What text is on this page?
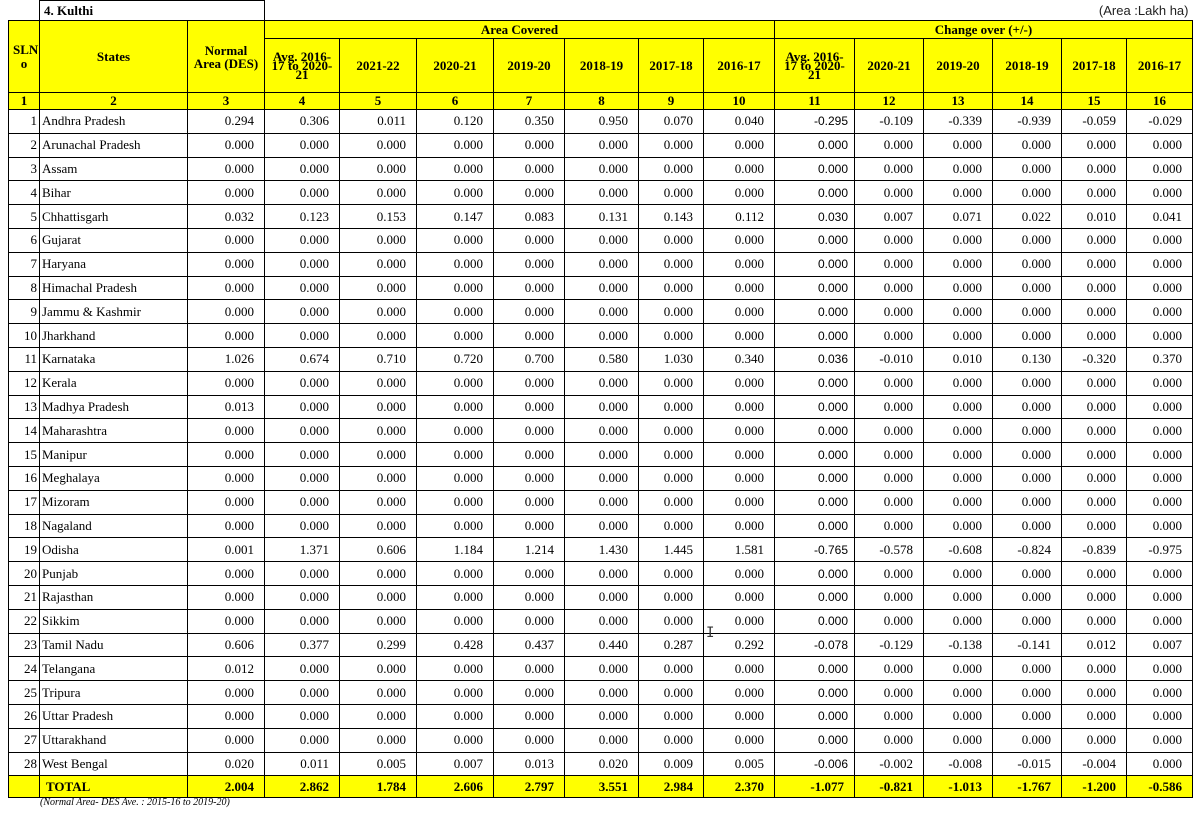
	4. Kulthi		(Area :Lakh ha)												
SLN o	States	Normal Area (DES)	Area Covered							Change over (+/-)					
			Avg. 2016-17 to 2020-21	2021-22	2020-21	2019-20	2018-19	2017-18	2016-17	Avg. 2016-17 to 2020-21	2020-21	2019-20	2018-19	2017-18	2016-17
1	2	3	4	5	6	7	8	9	10	11	12	13	14	15	16
1	Andhra Pradesh	0.294	0.306	0.011	0.120	0.350	0.950	0.070	0.040	-0.295	-0.109	-0.339	-0.939	-0.059	-0.029
2	Arunachal Pradesh	0.000	0.000	0.000	0.000	0.000	0.000	0.000	0.000	0.000	0.000	0.000	0.000	0.000	0.000
3	Assam	0.000	0.000	0.000	0.000	0.000	0.000	0.000	0.000	0.000	0.000	0.000	0.000	0.000	0.000
4	Bihar	0.000	0.000	0.000	0.000	0.000	0.000	0.000	0.000	0.000	0.000	0.000	0.000	0.000	0.000
5	Chhattisgarh	0.032	0.123	0.153	0.147	0.083	0.131	0.143	0.112	0.030	0.007	0.071	0.022	0.010	0.041
6	Gujarat	0.000	0.000	0.000	0.000	0.000	0.000	0.000	0.000	0.000	0.000	0.000	0.000	0.000	0.000
7	Haryana	0.000	0.000	0.000	0.000	0.000	0.000	0.000	0.000	0.000	0.000	0.000	0.000	0.000	0.000
8	Himachal Pradesh	0.000	0.000	0.000	0.000	0.000	0.000	0.000	0.000	0.000	0.000	0.000	0.000	0.000	0.000
9	Jammu & Kashmir	0.000	0.000	0.000	0.000	0.000	0.000	0.000	0.000	0.000	0.000	0.000	0.000	0.000	0.000
10	Jharkhand	0.000	0.000	0.000	0.000	0.000	0.000	0.000	0.000	0.000	0.000	0.000	0.000	0.000	0.000
11	Karnataka	1.026	0.674	0.710	0.720	0.700	0.580	1.030	0.340	0.036	-0.010	0.010	0.130	-0.320	0.370
12	Kerala	0.000	0.000	0.000	0.000	0.000	0.000	0.000	0.000	0.000	0.000	0.000	0.000	0.000	0.000
13	Madhya Pradesh	0.013	0.000	0.000	0.000	0.000	0.000	0.000	0.000	0.000	0.000	0.000	0.000	0.000	0.000
14	Maharashtra	0.000	0.000	0.000	0.000	0.000	0.000	0.000	0.000	0.000	0.000	0.000	0.000	0.000	0.000
15	Manipur	0.000	0.000	0.000	0.000	0.000	0.000	0.000	0.000	0.000	0.000	0.000	0.000	0.000	0.000
16	Meghalaya	0.000	0.000	0.000	0.000	0.000	0.000	0.000	0.000	0.000	0.000	0.000	0.000	0.000	0.000
17	Mizoram	0.000	0.000	0.000	0.000	0.000	0.000	0.000	0.000	0.000	0.000	0.000	0.000	0.000	0.000
18	Nagaland	0.000	0.000	0.000	0.000	0.000	0.000	0.000	0.000	0.000	0.000	0.000	0.000	0.000	0.000
19	Odisha	0.001	1.371	0.606	1.184	1.214	1.430	1.445	1.581	-0.765	-0.578	-0.608	-0.824	-0.839	-0.975
20	Punjab	0.000	0.000	0.000	0.000	0.000	0.000	0.000	0.000	0.000	0.000	0.000	0.000	0.000	0.000
21	Rajasthan	0.000	0.000	0.000	0.000	0.000	0.000	0.000	0.000	0.000	0.000	0.000	0.000	0.000	0.000
22	Sikkim	0.000	0.000	0.000	0.000	0.000	0.000	0.000	0.000	0.000	0.000	0.000	0.000	0.000	0.000
23	Tamil Nadu	0.606	0.377	0.299	0.428	0.437	0.440	0.287	0.292	-0.078	-0.129	-0.138	-0.141	0.012	0.007
24	Telangana	0.012	0.000	0.000	0.000	0.000	0.000	0.000	0.000	0.000	0.000	0.000	0.000	0.000	0.000
25	Tripura	0.000	0.000	0.000	0.000	0.000	0.000	0.000	0.000	0.000	0.000	0.000	0.000	0.000	0.000
26	Uttar Pradesh	0.000	0.000	0.000	0.000	0.000	0.000	0.000	0.000	0.000	0.000	0.000	0.000	0.000	0.000
27	Uttarakhand	0.000	0.000	0.000	0.000	0.000	0.000	0.000	0.000	0.000	0.000	0.000	0.000	0.000	0.000
28	West Bengal	0.020	0.011	0.005	0.007	0.013	0.020	0.009	0.005	-0.006	-0.002	-0.008	-0.015	-0.004	0.000
	TOTAL	2.004	2.862	1.784	2.606	2.797	3.551	2.984	2.370	-1.077	-0.821	-1.013	-1.767	-1.200	-0.586
(Normal Area- DES Ave. : 2015-16 to 2019-20)
I
